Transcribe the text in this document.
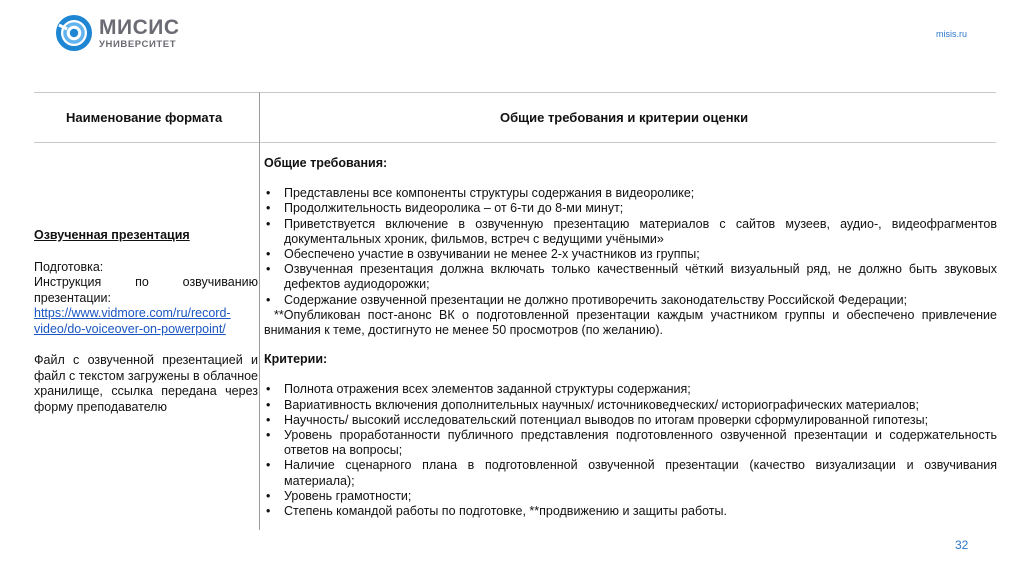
МИСИС
УНИВЕРСИТЕТ
misis.ru
Наименование формата	Общие требования и критерии оценки
Озвученная презентация

Подготовка:

Инструкция по озвучиванию презентации:

https://www.vidmore.com/ru/record-
video/do-voiceover-on-powerpoint/

Файл с озвученной презентацией и файл с текстом загружены в облачное хранилище, ссылка передана через форму преподавателю

Общие требования:

• Представлены все компоненты структуры содержания в видеоролике;
• Продолжительность видеоролика – от 6-ти до 8-ми минут;
• Приветствуется включение в озвученную презентацию материалов с сайтов музеев, аудио-, видеофрагментов документальных хроник, фильмов, встреч с ведущими учёными»
• Обеспечено участие в озвучивании не менее 2-х участников из группы;
• Озвученная презентация должна включать только качественный чёткий визуальный ряд, не должно быть звуковых дефектов аудиодорожки;
• Содержание озвученной презентации не должно противоречить законодательству Российской Федерации;

**Опубликован пост-анонс ВК о подготовленной презентации каждым участником группы и обеспечено привлечение внимания к теме, достигнуто не менее 50 просмотров (по желанию).

Критерии:

• Полнота отражения всех элементов заданной структуры содержания;
• Вариативность включения дополнительных научных/ источниковедческих/ историографических материалов;
• Научность/ высокий исследовательский потенциал выводов по итогам проверки сформулированной гипотезы;
• Уровень проработанности публичного представления подготовленного озвученной презентации и содержательность ответов на вопросы;
• Наличие сценарного плана в подготовленной озвученной презентации (качество визуализации и озвучивания материала);
• Уровень грамотности;
• Степень командой работы по подготовке, **продвижению и защиты работы.
32
